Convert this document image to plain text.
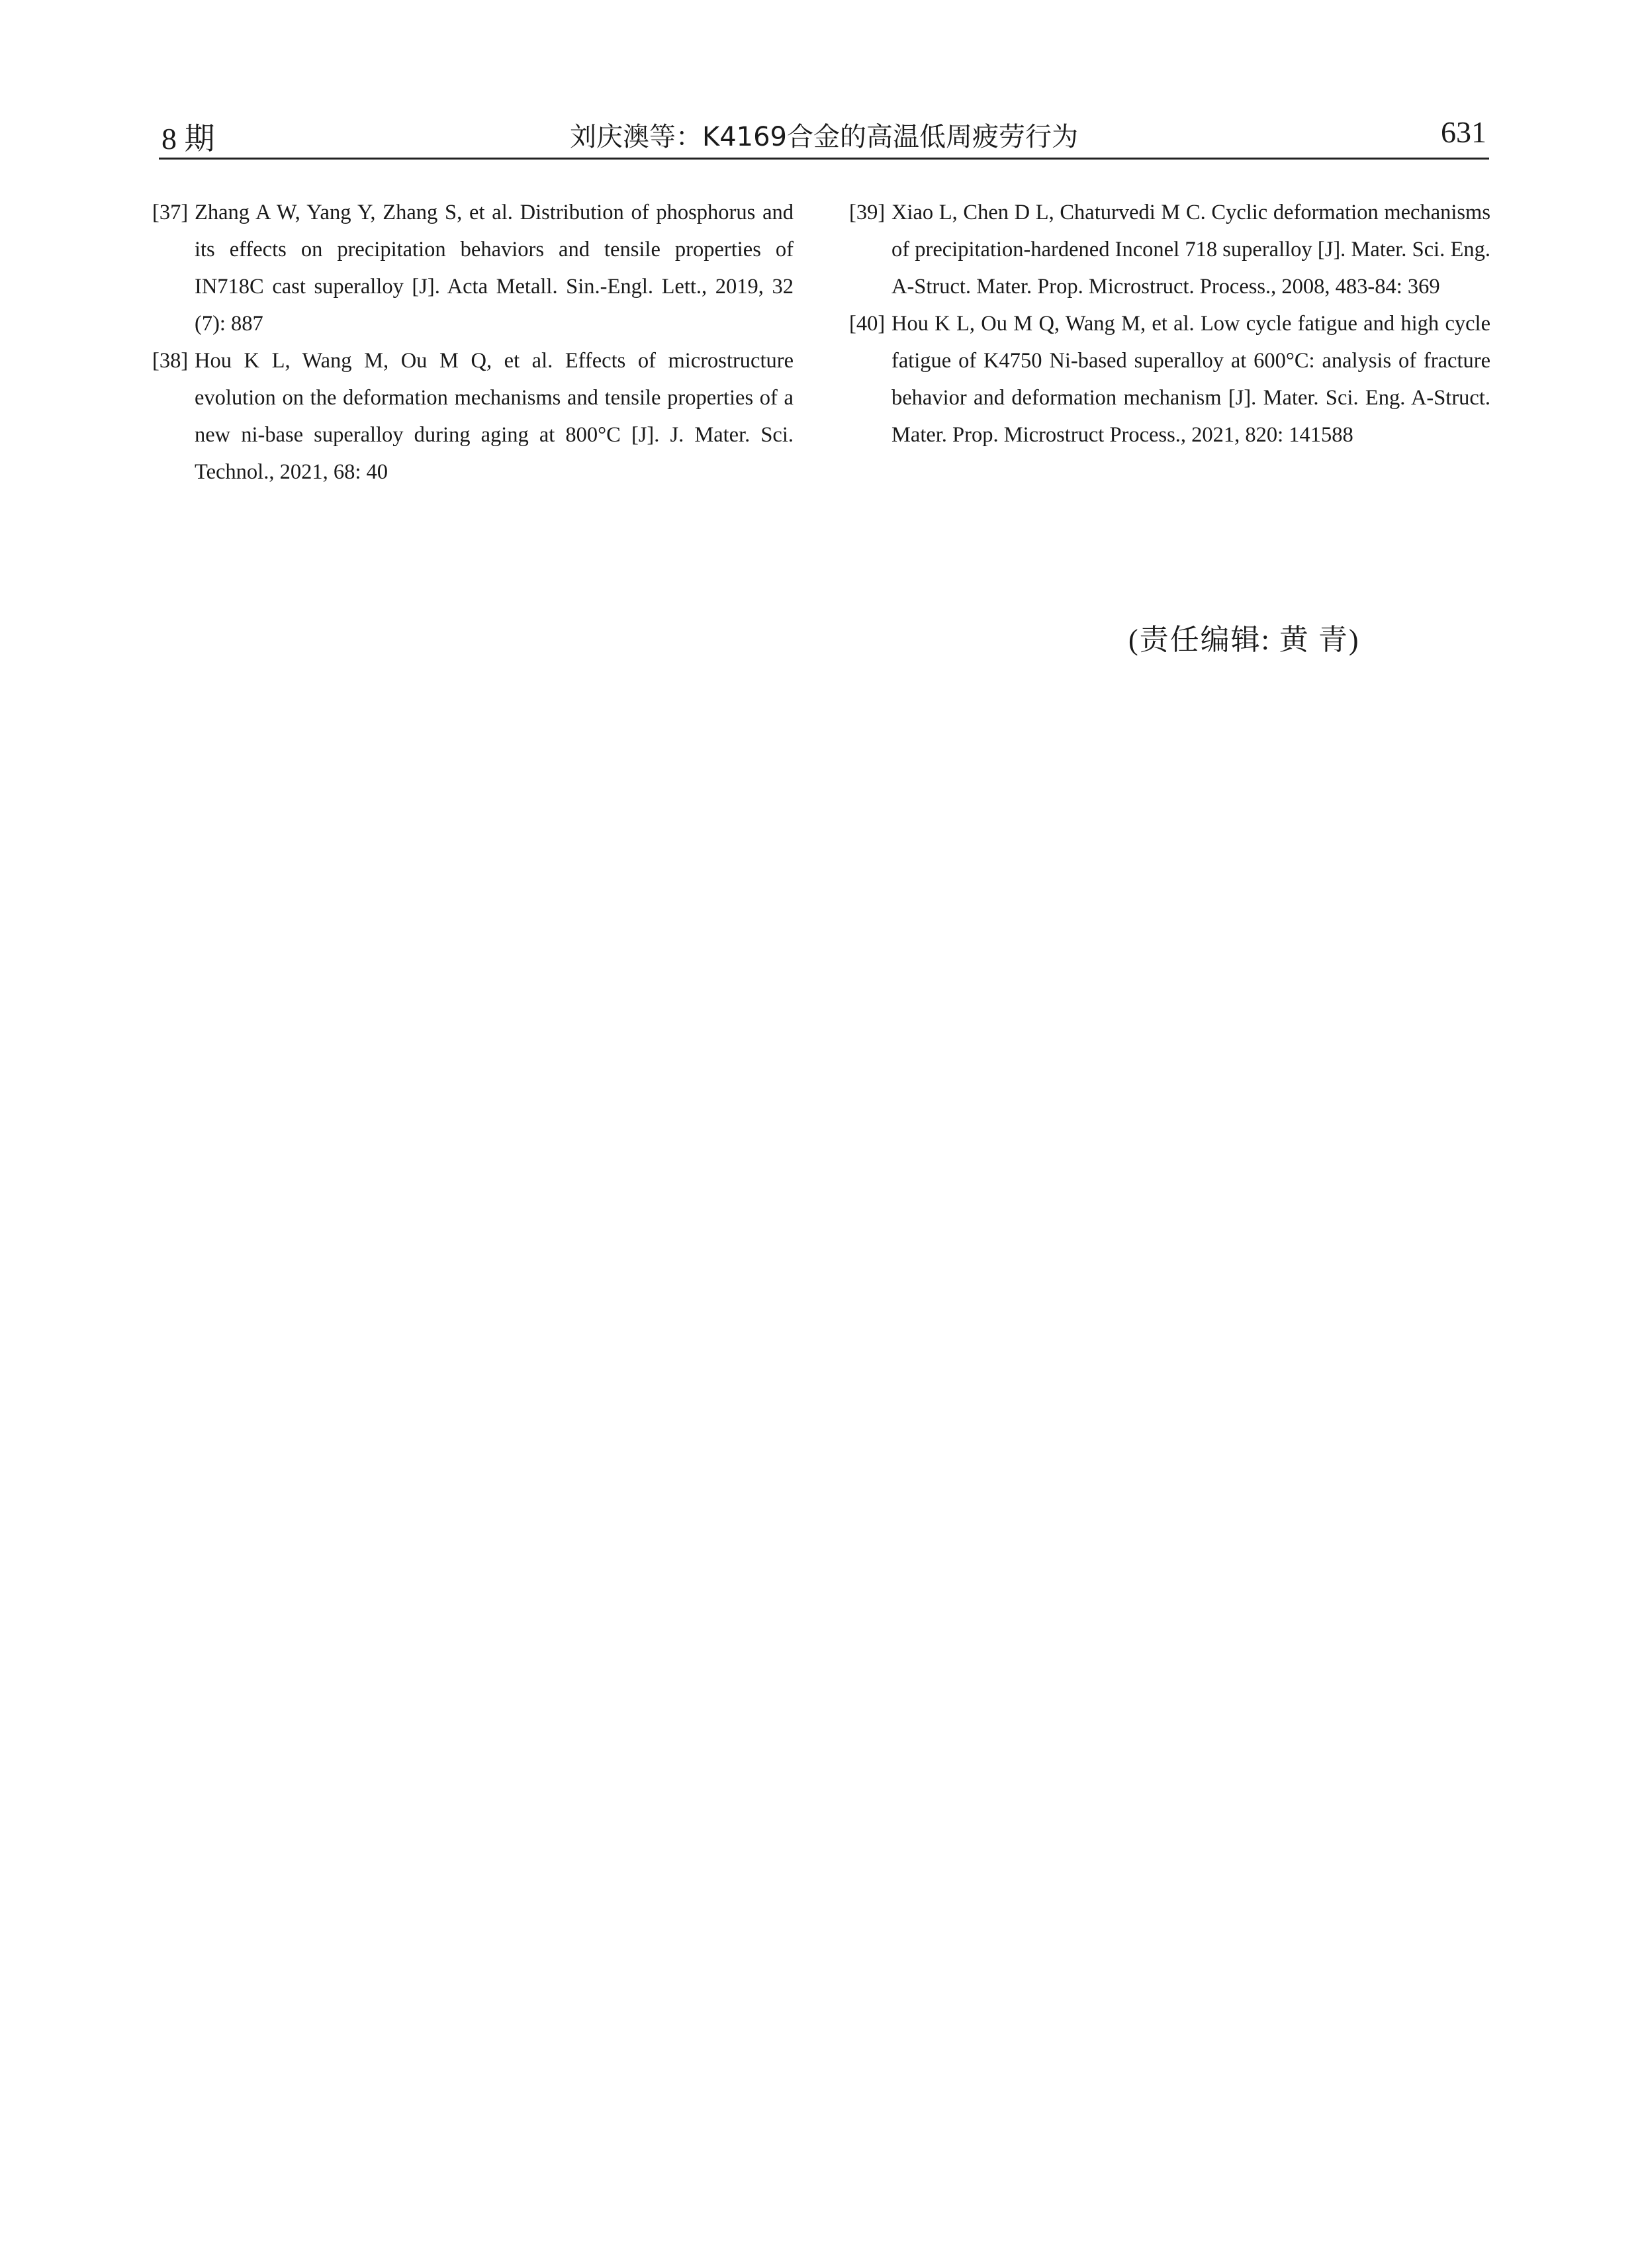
8 期	刘庆澳等：K4169合金的高温低周疲劳行为	631
[37] Zhang A W, Yang Y, Zhang S, et al. Distribution of phosphorus and its effects on precipitation behaviors and tensile properties of IN718C cast superalloy [J]. Acta Metall. Sin.-Engl. Lett., 2019, 32 (7): 887
[38] Hou K L, Wang M, Ou M Q, et al. Effects of microstructure evolution on the deformation mechanisms and tensile properties of a new ni-base superalloy during aging at 800°C [J]. J. Mater. Sci. Technol., 2021, 68: 40
[39] Xiao L, Chen D L, Chaturvedi M C. Cyclic deformation mechanisms of precipitation-hardened Inconel 718 superalloy [J]. Mater. Sci. Eng. A-Struct. Mater. Prop. Microstruct. Process., 2008, 483-84: 369
[40] Hou K L, Ou M Q, Wang M, et al. Low cycle fatigue and high cycle fatigue of K4750 Ni-based superalloy at 600°C: analysis of fracture behavior and deformation mechanism [J]. Mater. Sci. Eng. A-Struct. Mater. Prop. Microstruct Process., 2021, 820: 141588
(责任编辑: 黄 青)
